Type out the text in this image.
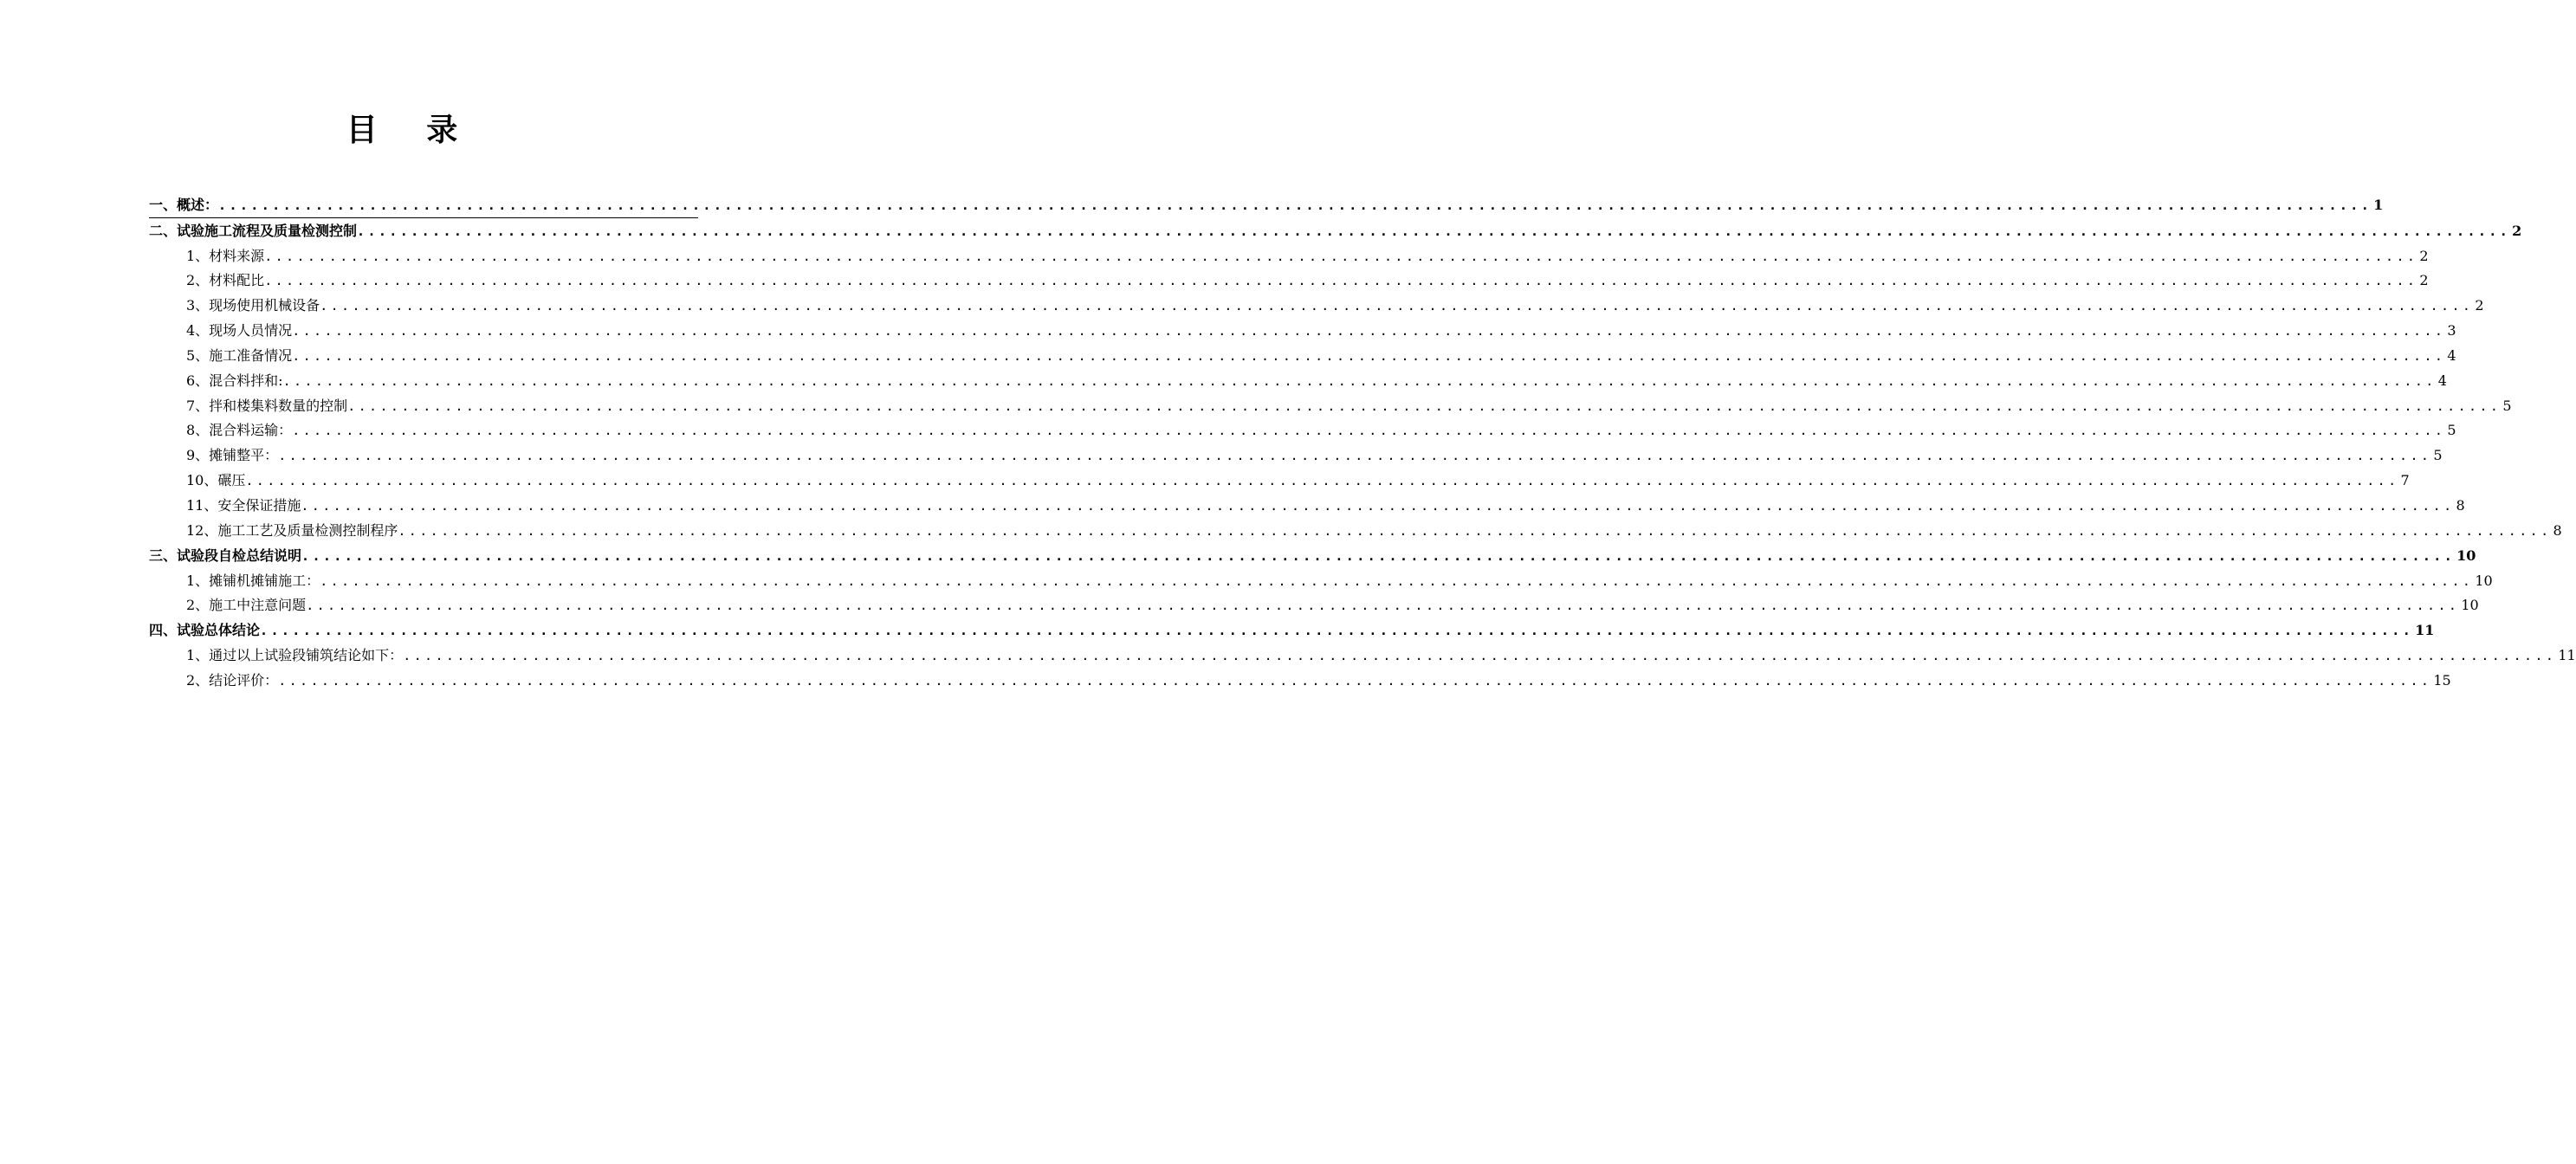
目 录
一、概述： ........................................................................................................................................................................................................ 1
二、试验施工流程及质量检测控制 ........................................................................................................................................................................................................ 2
1、材料来源 ........................................................................................................................................................................................................ 2
2、材料配比 ........................................................................................................................................................................................................ 2
3、现场使用机械设备 ........................................................................................................................................................................................................ 2
4、现场人员情况 ........................................................................................................................................................................................................ 3
5、施工准备情况 ........................................................................................................................................................................................................ 4
6、混合料拌和: ........................................................................................................................................................................................................ 4
7、拌和楼集料数量的控制 ........................................................................................................................................................................................................ 5
8、混合料运输： ........................................................................................................................................................................................................ 5
9、摊铺整平： ........................................................................................................................................................................................................ 5
10、碾压 ........................................................................................................................................................................................................ 7
11、安全保证措施 ........................................................................................................................................................................................................ 8
12、施工工艺及质量检测控制程序 ........................................................................................................................................................................................................ 8
三、试验段自检总结说明 ........................................................................................................................................................................................................ 10
1、摊铺机摊铺施工： ........................................................................................................................................................................................................ 10
2、施工中注意问题 ........................................................................................................................................................................................................ 10
四、试验总体结论 ........................................................................................................................................................................................................ 11
1、通过以上试验段铺筑结论如下： ........................................................................................................................................................................................................ 11
2、结论评价： ........................................................................................................................................................................................................ 15
